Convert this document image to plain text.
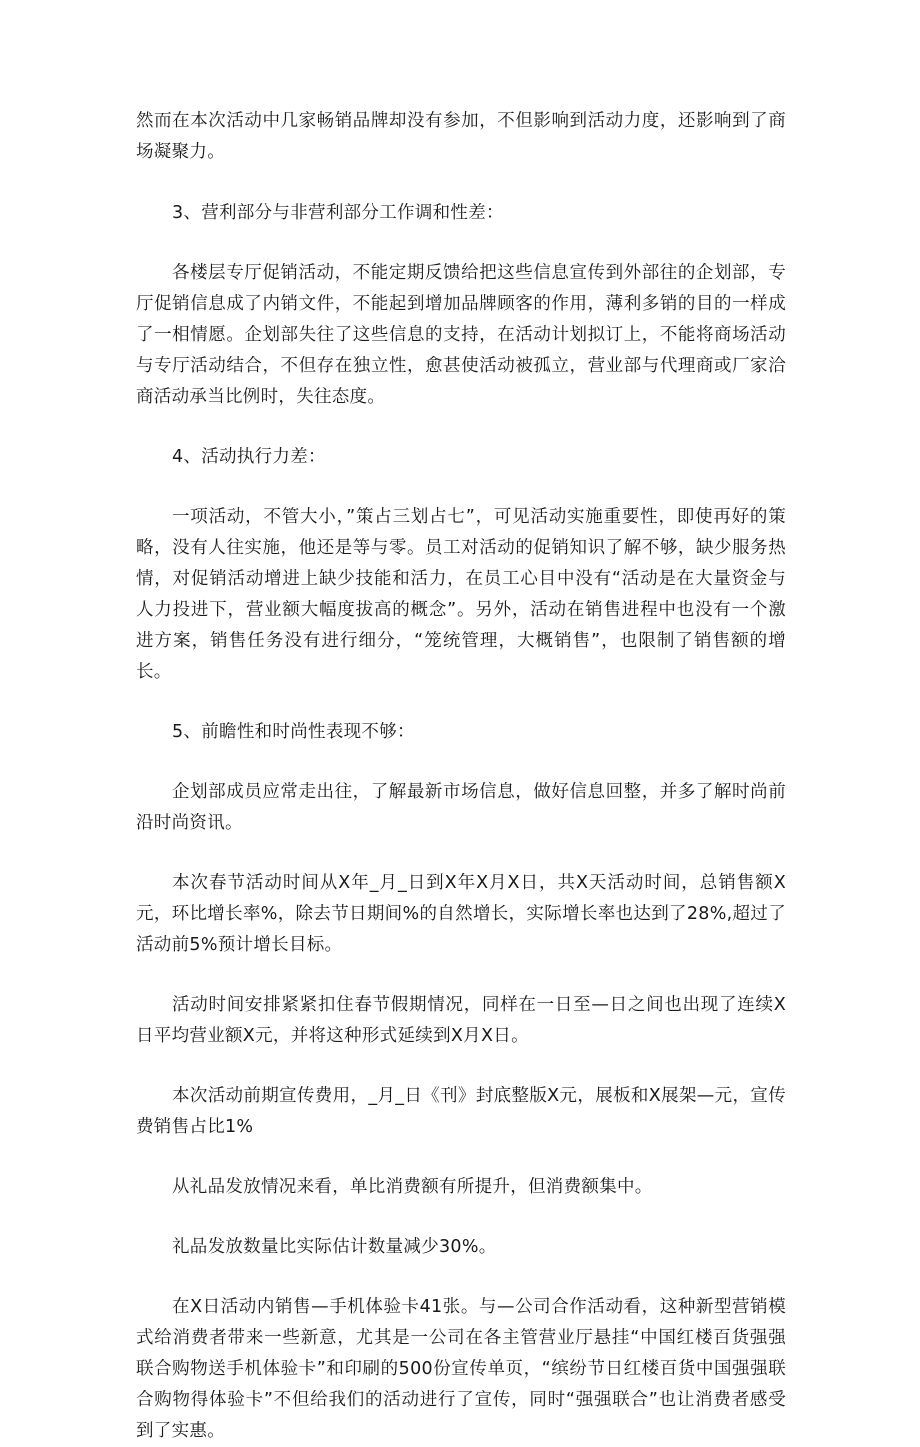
然而在本次活动中几家畅销品牌却没有参加，不但影响到活动力度，还影响到了商场凝聚力。

3、营利部分与非营利部分工作调和性差：

各楼层专厅促销活动，不能定期反馈给把这些信息宣传到外部往的企划部，专厅促销信息成了内销文件，不能起到增加品牌顾客的作用，薄利多销的目的一样成了一相情愿。企划部失往了这些信息的支持，在活动计划拟订上，不能将商场活动与专厅活动结合，不但存在独立性，愈甚使活动被孤立，营业部与代理商或厂家洽商活动承当比例时，失往态度。

4、活动执行力差：

一项活动，不管大小，”策占三划占七”，可见活动实施重要性，即使再好的策略，没有人往实施，他还是等与零。员工对活动的促销知识了解不够，缺少服务热情，对促销活动增进上缺少技能和活力，在员工心目中没有“活动是在大量资金与人力投进下，营业额大幅度拔高的概念”。另外，活动在销售进程中也没有一个激进方案，销售任务没有进行细分，“笼统管理，大概销售”，也限制了销售额的增长。

5、前瞻性和时尚性表现不够：

企划部成员应常走出往，了解最新市场信息，做好信息回整，并多了解时尚前沿时尚资讯。

本次春节活动时间从X年_月_日到X年X月X日，共X天活动时间，总销售额X元，环比增长率%，除去节日期间%的自然增长，实际增长率也达到了28%,超过了活动前5%预计增长目标。

活动时间安排紧紧扣住春节假期情况，同样在一日至—日之间也出现了连续X日平均营业额X元，并将这种形式延续到X月X日。

本次活动前期宣传费用，_月_日《刊》封底整版X元，展板和X展架—元，宣传费销售占比1%

从礼品发放情况来看，单比消费额有所提升，但消费额集中。

礼品发放数量比实际估计数量减少30%。

在X日活动内销售—手机体验卡41张。与—公司合作活动看，这种新型营销模式给消费者带来一些新意，尤其是一公司在各主管营业厅悬挂“中国红楼百货强强联合购物送手机体验卡”和印刷的500份宣传单页，“缤纷节日红楼百货中国强强联合购物得体验卡”不但给我们的活动进行了宣传，同时“强强联合”也让消费者感受到了实惠。
